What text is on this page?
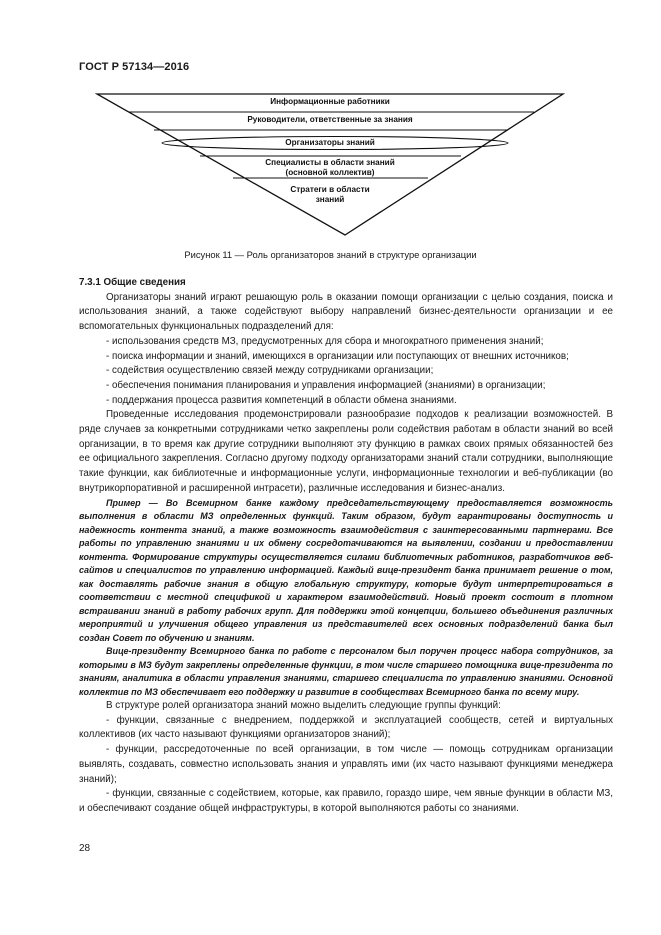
ГОСТ Р 57134—2016
Информационные работники
Руководители, ответственные за знания
Организаторы знаний
Специалисты в области знаний
(основной коллектив)
Стратеги в области
знаний
Рисунок 11 — Роль организаторов знаний в структуре организации

7.3.1 Общие сведения

Организаторы знаний играют решающую роль в оказании помощи организации с целью создания, поиска и использования знаний, а также содействуют выбору направлений бизнес-деятельности организации и ее вспомогательных функциональных подразделений для:

- использования средств МЗ, предусмотренных для сбора и многократного применения знаний;

- поиска информации и знаний, имеющихся в организации или поступающих от внешних источников;

- содействия осуществлению связей между сотрудниками организации;

- обеспечения понимания планирования и управления информацией (знаниями) в организации;

- поддержания процесса развития компетенций в области обмена знаниями.

Проведенные исследования продемонстрировали разнообразие подходов к реализации возможностей. В ряде случаев за конкретными сотрудниками четко закреплены роли содействия работам в области знаний во всей организации, в то время как другие сотрудники выполняют эту функцию в рамках своих прямых обязанностей без ее официального закрепления. Согласно другому подходу организаторами знаний стали сотрудники, выполняющие такие функции, как библиотечные и информационные услуги, информационные технологии и веб-публикации (во внутрикорпоративной и расширенной интрасети), различные исследования и бизнес-анализ.

Пример — Во Всемирном банке каждому председательствующему предоставляется возможность выполнения в области МЗ определенных функций. Таким образом, будут гарантированы доступность и надежность контента знаний, а также возможность взаимодействия с заинтересованными партнерами. Все работы по управлению знаниями и их обмену сосредотачиваются на выявлении, создании и предоставлении контента. Формирование структуры осуществляется силами библиотечных работников, разработчиков веб-сайтов и специалистов по управлению информацией. Каждый вице-президент банка принимает решение о том, как доставлять рабочие знания в общую глобальную структуру, которые будут интерпретироваться в соответствии с местной спецификой и характером взаимодействий. Новый проект состоит в плотном встраивании знаний в работу рабочих групп. Для поддержки этой концепции, большего объединения различных мероприятий и улучшения общего управления из представителей всех основных подразделений банка был создан Совет по обучению и знаниям.

Вице-президенту Всемирного банка по работе с персоналом был поручен процесс набора сотрудников, за которыми в МЗ будут закреплены определенные функции, в том числе старшего помощника вице-президента по знаниям, аналитика в области управления знаниями, старшего специалиста по управлению знаниями. Основной коллектив по МЗ обеспечивает его поддержку и развитие в сообществах Всемирного банка по всему миру.

В структуре ролей организатора знаний можно выделить следующие группы функций:

- функции, связанные с внедрением, поддержкой и эксплуатацией сообществ, сетей и виртуальных коллективов (их часто называют функциями организаторов знаний);

- функции, рассредоточенные по всей организации, в том числе — помощь сотрудникам организации выявлять, создавать, совместно использовать знания и управлять ими (их часто называют функциями менеджера знаний);

- функции, связанные с содействием, которые, как правило, гораздо шире, чем явные функции в области МЗ, и обеспечивают создание общей инфраструктуры, в которой выполняются работы со знаниями.

28
